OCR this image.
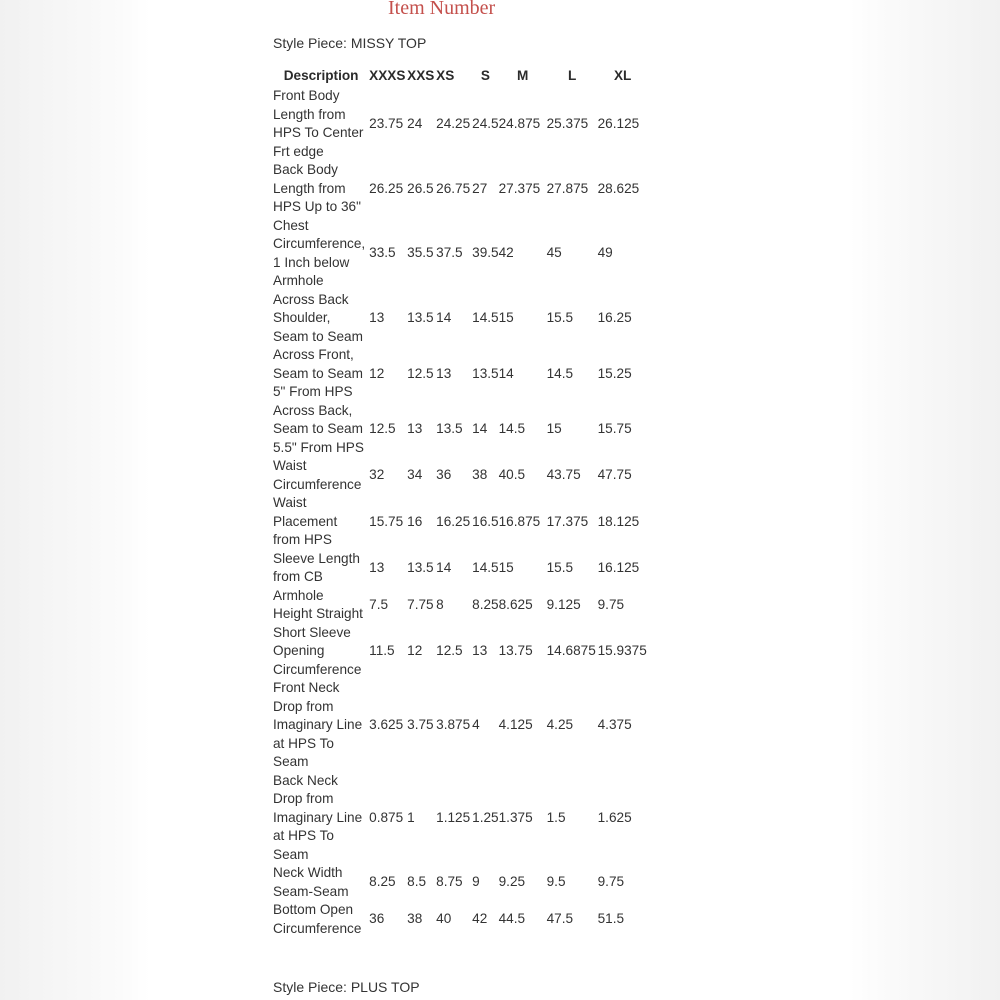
Item Number
Style Piece: MISSY TOP
Description	XXXS	XXS	XS	S	M	L	XL
Front Body Length from HPS To Center Frt edge	23.75	24	24.25	24.5	24.875	25.375	26.125
Back Body Length from HPS Up to 36"	26.25	26.5	26.75	27	27.375	27.875	28.625
Chest Circumference, 1 Inch below Armhole	33.5	35.5	37.5	39.5	42	45	49
Across Back Shoulder, Seam to Seam	13	13.5	14	14.5	15	15.5	16.25
Across Front, Seam to Seam 5" From HPS	12	12.5	13	13.5	14	14.5	15.25
Across Back, Seam to Seam 5.5" From HPS	12.5	13	13.5	14	14.5	15	15.75
Waist Circumference	32	34	36	38	40.5	43.75	47.75
Waist Placement from HPS	15.75	16	16.25	16.5	16.875	17.375	18.125
Sleeve Length from CB	13	13.5	14	14.5	15	15.5	16.125
Armhole Height Straight	7.5	7.75	8	8.25	8.625	9.125	9.75
Short Sleeve Opening Circumference	11.5	12	12.5	13	13.75	14.6875	15.9375
Front Neck Drop from Imaginary Line at HPS To Seam	3.625	3.75	3.875	4	4.125	4.25	4.375
Back Neck Drop from Imaginary Line at HPS To Seam	0.875	1	1.125	1.25	1.375	1.5	1.625
Neck Width Seam-Seam	8.25	8.5	8.75	9	9.25	9.5	9.75
Bottom Open Circumference	36	38	40	42	44.5	47.5	51.5
Style Piece: PLUS TOP
